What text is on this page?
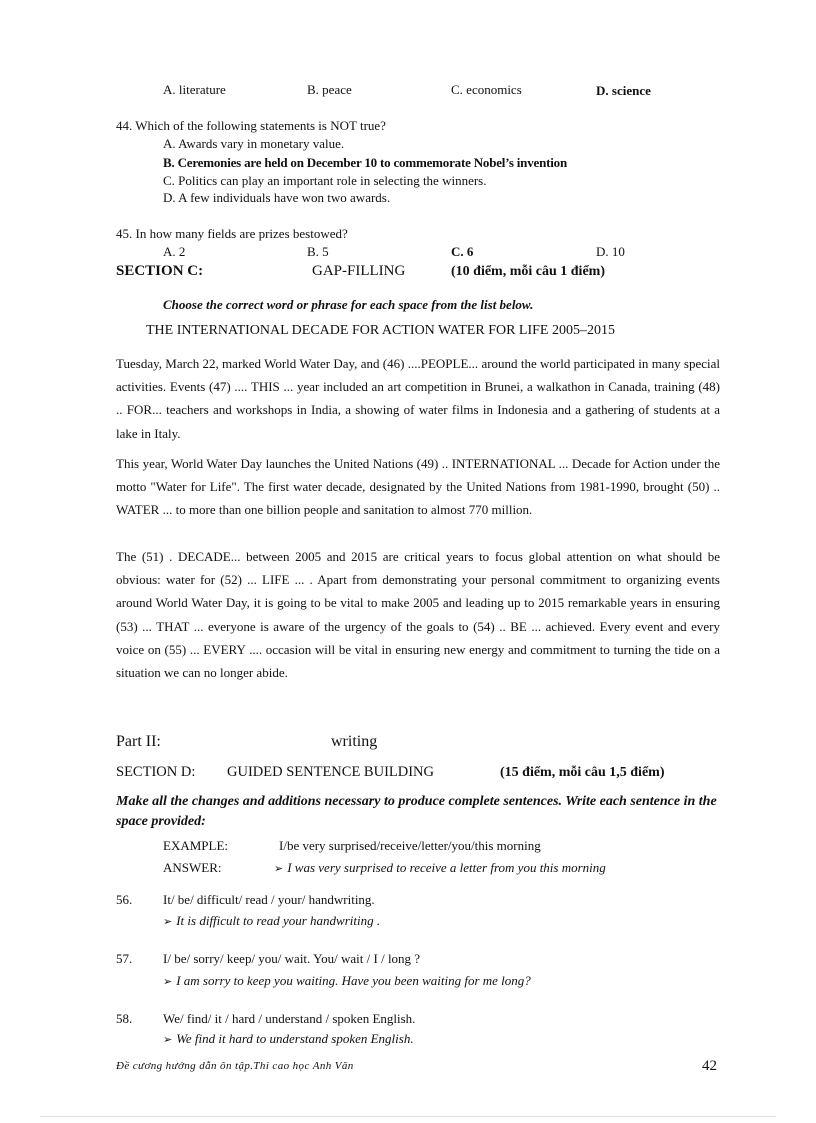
A. literature	B. peace	C. economics	D. science
44. Which of the following statements is NOT true?
A. Awards vary in monetary value.
B. Ceremonies are held on December 10 to commemorate Nobel’s invention
C. Politics can play an important role in selecting the winners.
D. A few individuals have won two awards.
45. In how many fields are prizes bestowed?
A. 2	B. 5	C. 6	D. 10
SECTION C:	GAP-FILLING	(10 điểm, mỗi câu 1 điểm)
Choose the correct word or phrase for each space from the list below.
THE INTERNATIONAL DECADE FOR ACTION WATER FOR LIFE 2005–2015
Tuesday, March 22, marked World Water Day, and (46) ....PEOPLE... around the world participated in many special activities. Events (47) .... THIS ... year included an art competition in Brunei, a walkathon in Canada, training (48) .. FOR... teachers and workshops in India, a showing of water films in Indonesia and a gathering of students at a lake in Italy.
This year, World Water Day launches the United Nations (49) .. INTERNATIONAL ... Decade for Action under the motto "Water for Life". The first water decade, designated by the United Nations from 1981-1990, brought (50) .. WATER ... to more than one billion people and sanitation to almost 770 million.
The (51) . DECADE... between 2005 and 2015 are critical years to focus global attention on what should be obvious: water for (52) ... LIFE ... . Apart from demonstrating your personal commitment to organizing events around World Water Day, it is going to be vital to make 2005 and leading up to 2015 remarkable years in ensuring (53) ... THAT ... everyone is aware of the urgency of the goals to (54) .. BE ... achieved. Every event and every voice on (55) ... EVERY .... occasion will be vital in ensuring new energy and commitment to turning the tide on a situation we can no longer abide.
Part II:	writing
SECTION D: GUIDED SENTENCE BUILDING	(15 điểm, mỗi câu 1,5 điểm)
Make all the changes and additions necessary to produce complete sentences. Write each sentence in the space provided:
EXAMPLE:	I/be very surprised/receive/letter/you/this morning
ANSWER:	➢ I was very surprised to receive a letter from you this morning
56. It/ be/ difficult/ read / your/ handwriting.
➢ It is difficult to read your handwriting .
57. I/ be/ sorry/ keep/ you/ wait. You/ wait / I / long ?
➢ I am sorry to keep you waiting. Have you been waiting for me long?
58. We/ find/ it / hard / understand / spoken English.
➢ We find it hard to understand spoken English.
Đề cương hướng dẫn ôn tập.Thi cao học Anh Văn	42
